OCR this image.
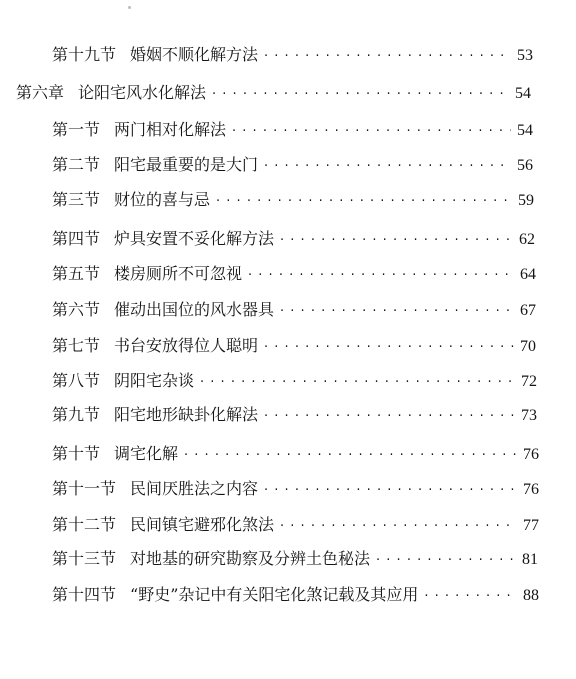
第十九节 婚姻不顺化解方法 · · ·	53
第六章 论阳宅风水化解法 · · ·	54
第一节 两门相对化解法 · · ·	54
第二节 阳宅最重要的是大门 · · ·	56
第三节 财位的喜与忌 · · ·	59
第四节 炉具安置不妥化解方法 · · ·	62
第五节 楼房厕所不可忽视 · · ·	64
第六节 催动出国位的风水器具 · · ·	67
第七节 书台安放得位人聪明 · · ·	70
第八节 阴阳宅杂谈 · · ·	72
第九节 阳宅地形缺卦化解法 · · ·	73
第十节 调宅化解 · · ·	76
第十一节 民间厌胜法之内容 · · ·	76
第十二节 民间镇宅避邪化煞法 · · ·	77
第十三节 对地基的研究勘察及分辨土色秘法 · · ·	81
第十四节 “野史”杂记中有关阳宅化煞记载及其应用 · · ·	88
